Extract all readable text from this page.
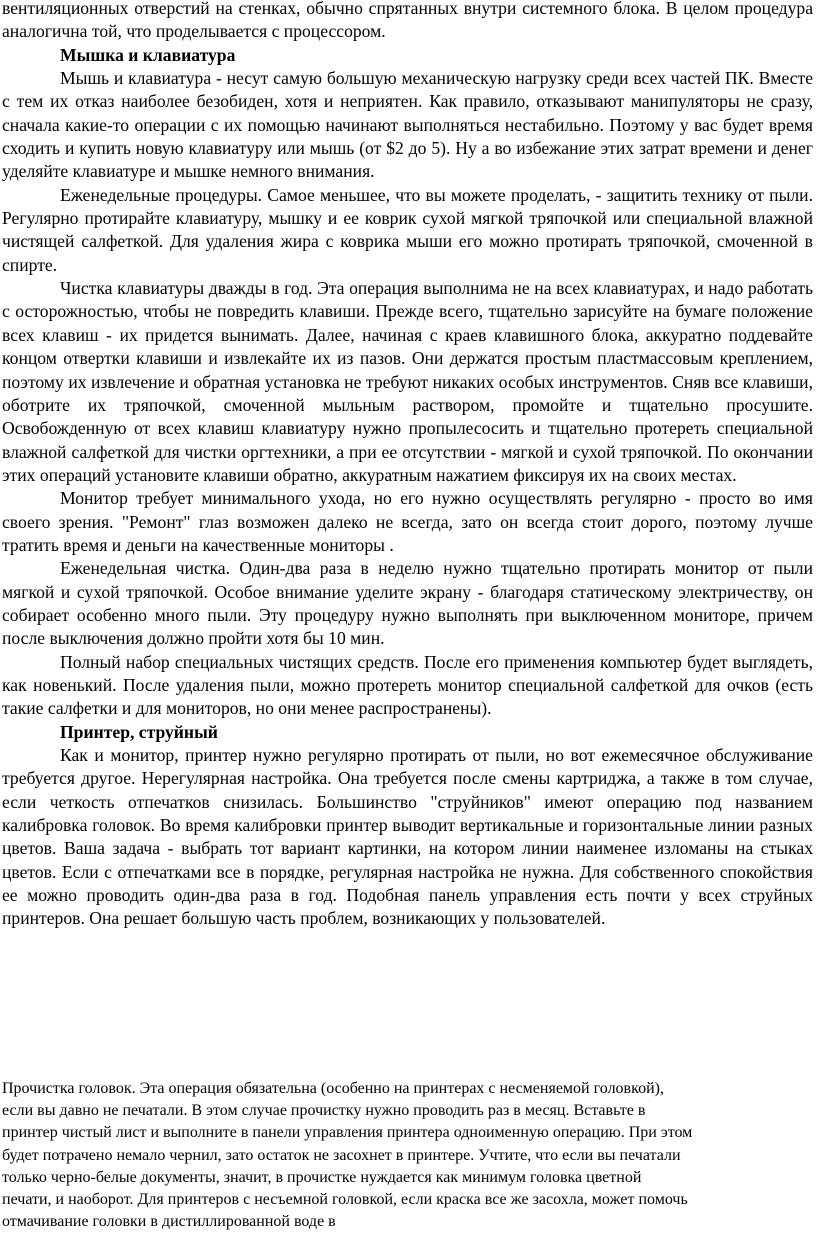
вентиляционных отверстий на стенках, обычно спрятанных внутри системного блока. В целом процедура аналогична той, что проделывается с процессором.

Мышка и клавиатура

Мышь и клавиатура - несут самую большую механическую нагрузку среди всех частей ПК. Вместе с тем их отказ наиболее безобиден, хотя и неприятен. Как правило, отказывают манипуляторы не сразу, сначала какие-то операции с их помощью начинают выполняться нестабильно. Поэтому у вас будет время сходить и купить новую клавиатуру или мышь (от $2 до 5). Ну а во избежание этих затрат времени и денег уделяйте клавиатуре и мышке немного внимания.

Еженедельные процедуры. Самое меньшее, что вы можете проделать, - защитить технику от пыли. Регулярно протирайте клавиатуру, мышку и ее коврик сухой мягкой тряпочкой или специальной влажной чистящей салфеткой. Для удаления жира с коврика мыши его можно протирать тряпочкой, смоченной в спирте.

Чистка клавиатуры дважды в год. Эта операция выполнима не на всех клавиатурах, и надо работать с осторожностью, чтобы не повредить клавиши. Прежде всего, тщательно зарисуйте на бумаге положение всех клавиш - их придется вынимать. Далее, начиная с краев клавишного блока, аккуратно поддевайте концом отвертки клавиши и извлекайте их из пазов. Они держатся простым пластмассовым креплением, поэтому их извлечение и обратная установка не требуют никаких особых инструментов. Сняв все клавиши, оботрите их тряпочкой, смоченной мыльным раствором, промойте и тщательно просушите. Освобожденную от всех клавиш клавиатуру нужно пропылесосить и тщательно протереть специальной влажной салфеткой для чистки оргтехники, а при ее отсутствии - мягкой и сухой тряпочкой. По окончании этих операций установите клавиши обратно, аккуратным нажатием фиксируя их на своих местах.

Монитор требует минимального ухода, но его нужно осуществлять регулярно - просто во имя своего зрения. "Ремонт" глаз возможен далеко не всегда, зато он всегда стоит дорого, поэтому лучше тратить время и деньги на качественные мониторы .

Еженедельная чистка. Один-два раза в неделю нужно тщательно протирать монитор от пыли мягкой и сухой тряпочкой. Особое внимание уделите экрану - благодаря статическому электричеству, он собирает особенно много пыли. Эту процедуру нужно выполнять при выключенном мониторе, причем после выключения должно пройти хотя бы 10 мин.

Полный набор специальных чистящих средств. После его применения компьютер будет выглядеть, как новенький. После удаления пыли, можно протереть монитор специальной салфеткой для очков (есть такие салфетки и для мониторов, но они менее распространены).

Принтер, струйный

Как и монитор, принтер нужно регулярно протирать от пыли, но вот ежемесячное обслуживание требуется другое. Нерегулярная настройка. Она требуется после смены картриджа, а также в том случае, если четкость отпечатков снизилась. Большинство "струйников" имеют операцию под названием калибровка головок. Во время калибровки принтер выводит вертикальные и горизонтальные линии разных цветов. Ваша задача - выбрать тот вариант картинки, на котором линии наименее изломаны на стыках цветов. Если с отпечатками все в порядке, регулярная настройка не нужна. Для собственного спокойствия ее можно проводить один-два раза в год. Подобная панель управления есть почти у всех струйных принтеров. Она решает большую часть проблем, возникающих у пользователей.

Прочистка головок. Эта операция обязательна (особенно на принтерах с несменяемой головкой),

если вы давно не печатали. В этом случае прочистку нужно проводить раз в месяц. Вставьте в

принтер чистый лист и выполните в панели управления принтера одноименную операцию. При этом

будет потрачено немало чернил, зато остаток не засохнет в принтере. Учтите, что если вы печатали

только черно-белые документы, значит, в прочистке нуждается как минимум головка цветной

печати, и наоборот. Для принтеров с несъемной головкой, если краска все же засохла, может помочь

отмачивание головки в дистиллированной воде в
